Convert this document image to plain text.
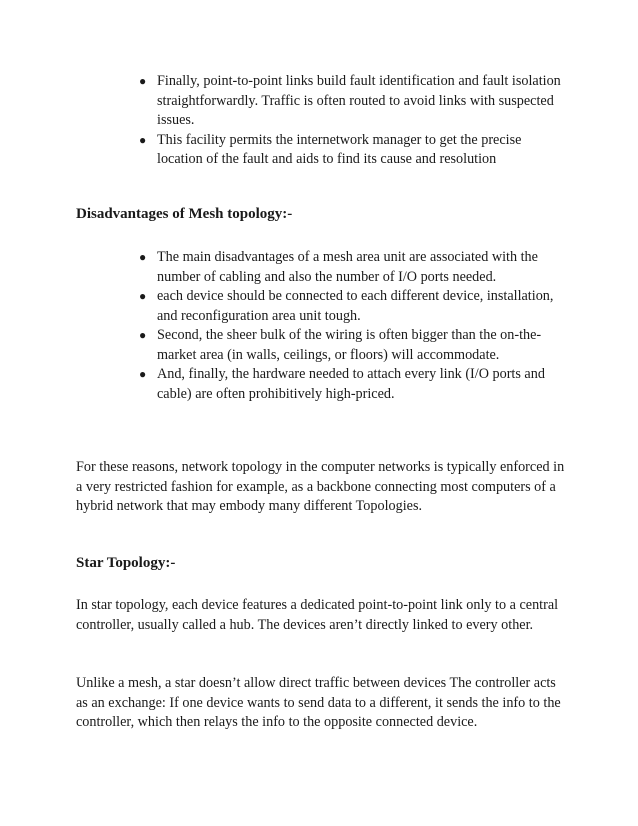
● Finally, point-to-point links build fault identification and fault isolation straightforwardly. Traffic is often routed to avoid links with suspected issues.
● This facility permits the internetwork manager to get the precise location of the fault and aids to find its cause and resolution

Disadvantages of Mesh topology:-

● The main disadvantages of a mesh area unit are associated with the number of cabling and also the number of I/O ports needed.
● each device should be connected to each different device, installation, and reconfiguration area unit tough.
● Second, the sheer bulk of the wiring is often bigger than the on-the-market area (in walls, ceilings, or floors) will accommodate.
● And, finally, the hardware needed to attach every link (I/O ports and cable) are often prohibitively high-priced.

For these reasons, network topology in the computer networks is typically enforced in a very restricted fashion for example, as a backbone connecting most computers of a hybrid network that may embody many different Topologies.

Star Topology:-

In star topology, each device features a dedicated point-to-point link only to a central controller, usually called a hub. The devices aren’t directly linked to every other.

Unlike a mesh, a star doesn’t allow direct traffic between devices The controller acts as an exchange: If one device wants to send data to a different, it sends the info to the controller, which then relays the info to the opposite connected device.
